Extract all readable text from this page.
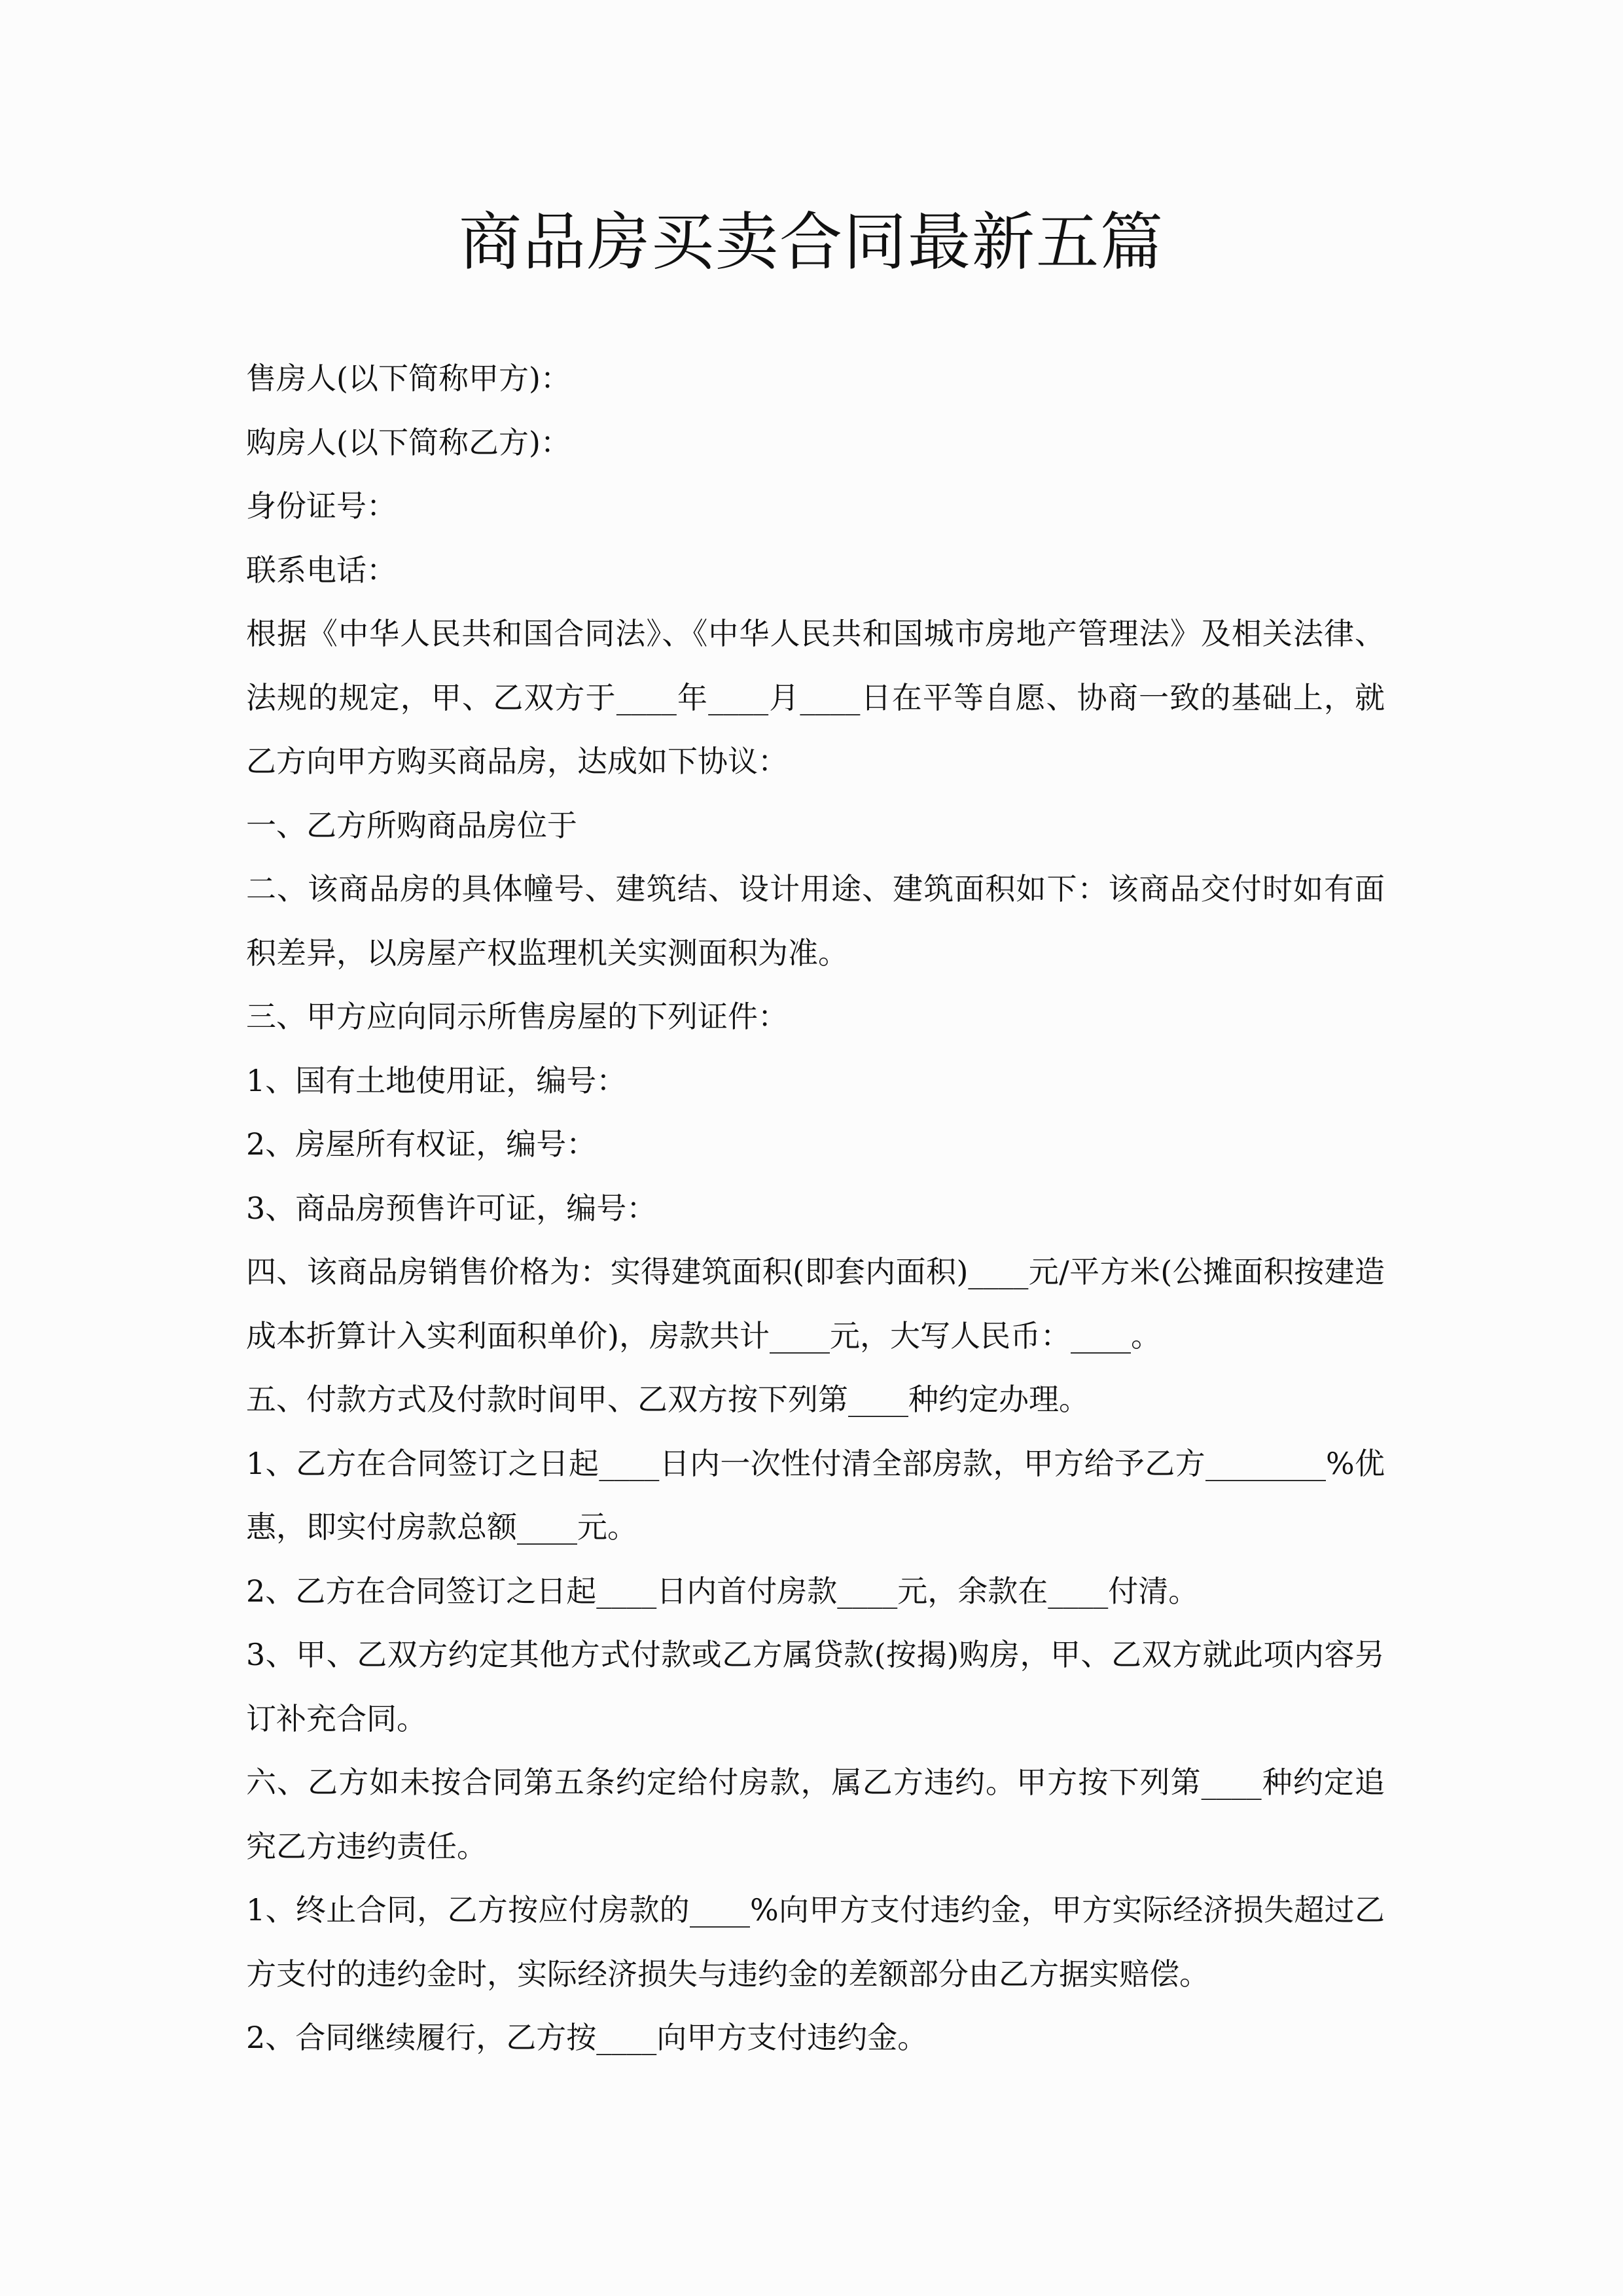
商品房买卖合同最新五篇

售房人(以下简称甲方)：

购房人(以下简称乙方)：

身份证号：

联系电话：

根据《中华人民共和国合同法》、《中华人民共和国城市房地产管理法》及相关法律、法规的规定，甲、乙双方于____年____月____日在平等自愿、协商一致的基础上，就乙方向甲方购买商品房，达成如下协议：

一、乙方所购商品房位于

二、该商品房的具体幢号、建筑结、设计用途、建筑面积如下：该商品交付时如有面积差异，以房屋产权监理机关实测面积为准。

三、甲方应向同示所售房屋的下列证件：

1、国有土地使用证，编号：

2、房屋所有权证，编号：

3、商品房预售许可证，编号：

四、该商品房销售价格为：实得建筑面积(即套内面积)____元/平方米(公摊面积按建造成本折算计入实利面积单价)，房款共计____元，大写人民币：____。

五、付款方式及付款时间甲、乙双方按下列第____种约定办理。

1、乙方在合同签订之日起____日内一次性付清全部房款，甲方给予乙方________%优惠，即实付房款总额____元。

2、乙方在合同签订之日起____日内首付房款____元，余款在____付清。

3、甲、乙双方约定其他方式付款或乙方属贷款(按揭)购房，甲、乙双方就此项内容另订补充合同。

六、乙方如未按合同第五条约定给付房款，属乙方违约。甲方按下列第____种约定追究乙方违约责任。

1、终止合同，乙方按应付房款的____%向甲方支付违约金，甲方实际经济损失超过乙方支付的违约金时，实际经济损失与违约金的差额部分由乙方据实赔偿。

2、合同继续履行，乙方按____向甲方支付违约金。
